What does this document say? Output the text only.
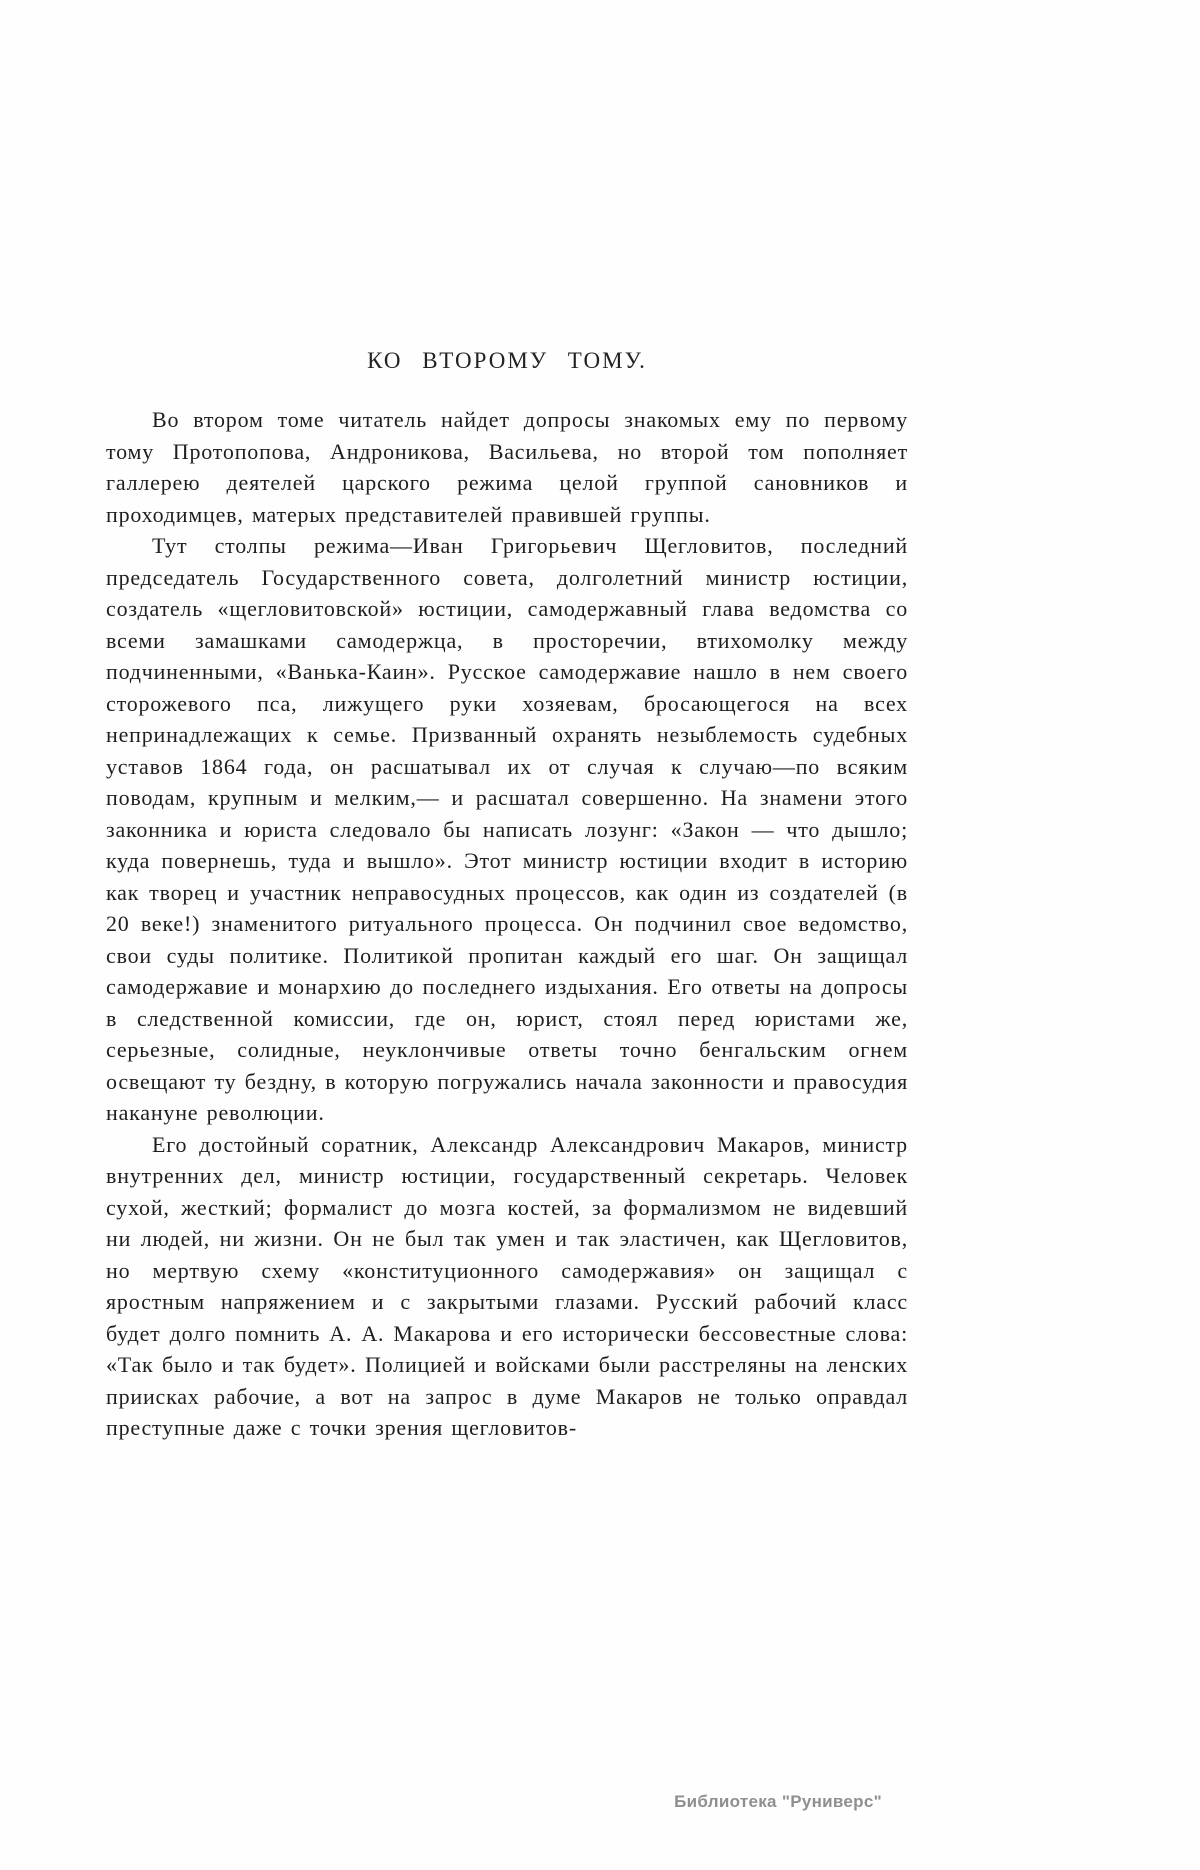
КО ВТОРОМУ ТОМУ.

Во втором томе читатель найдет допросы знакомых ему по первому тому Протопопова, Андроникова, Васильева, но второй том пополняет галлерею деятелей царского режима целой группой сановников и проходимцев, матерых представителей правившей группы.

Тут столпы режима—Иван Григорьевич Щегловитов, последний председатель Государственного совета, долголетний министр юстиции, создатель «щегловитовской» юстиции, самодержавный глава ведомства со всеми замашками самодержца, в просторечии, втихомолку между подчиненными, «Ванька-Каин». Русское самодержавие нашло в нем своего сторожевого пса, лижущего руки хозяевам, бросающегося на всех непринадлежащих к семье. Призванный охранять незыблемость судебных уставов 1864 года, он расшатывал их от случая к случаю—по всяким поводам, крупным и мелким,— и расшатал совершенно. На знамени этого законника и юриста следовало бы написать лозунг: «Закон — что дышло; куда повернешь, туда и вышло». Этот министр юстиции входит в историю как творец и участник неправосудных процессов, как один из создателей (в 20 веке!) знаменитого ритуального процесса. Он подчинил свое ведомство, свои суды политике. Политикой пропитан каждый его шаг. Он защищал самодержавие и монархию до последнего издыхания. Его ответы на допросы в следственной комиссии, где он, юрист, стоял перед юристами же, серьезные, солидные, неуклончивые ответы точно бенгальским огнем освещают ту бездну, в которую погружались начала законности и правосудия накануне революции.

Его достойный соратник, Александр Александрович Макаров, министр внутренних дел, министр юстиции, государственный секретарь. Человек сухой, жесткий; формалист до мозга костей, за формализмом не видевший ни людей, ни жизни. Он не был так умен и так эластичен, как Щегловитов, но мертвую схему «конституционного самодержавия» он защищал с яростным напряжением и с закрытыми глазами. Русский рабочий класс будет долго помнить А. А. Макарова и его исторически бессовестные слова: «Так было и так будет». Полицией и войсками были расстреляны на ленских приисках рабочие, а вот на запрос в думе Макаров не только оправдал преступные даже с точки зрения щегловитов-

Библиотека "Руниверс"
